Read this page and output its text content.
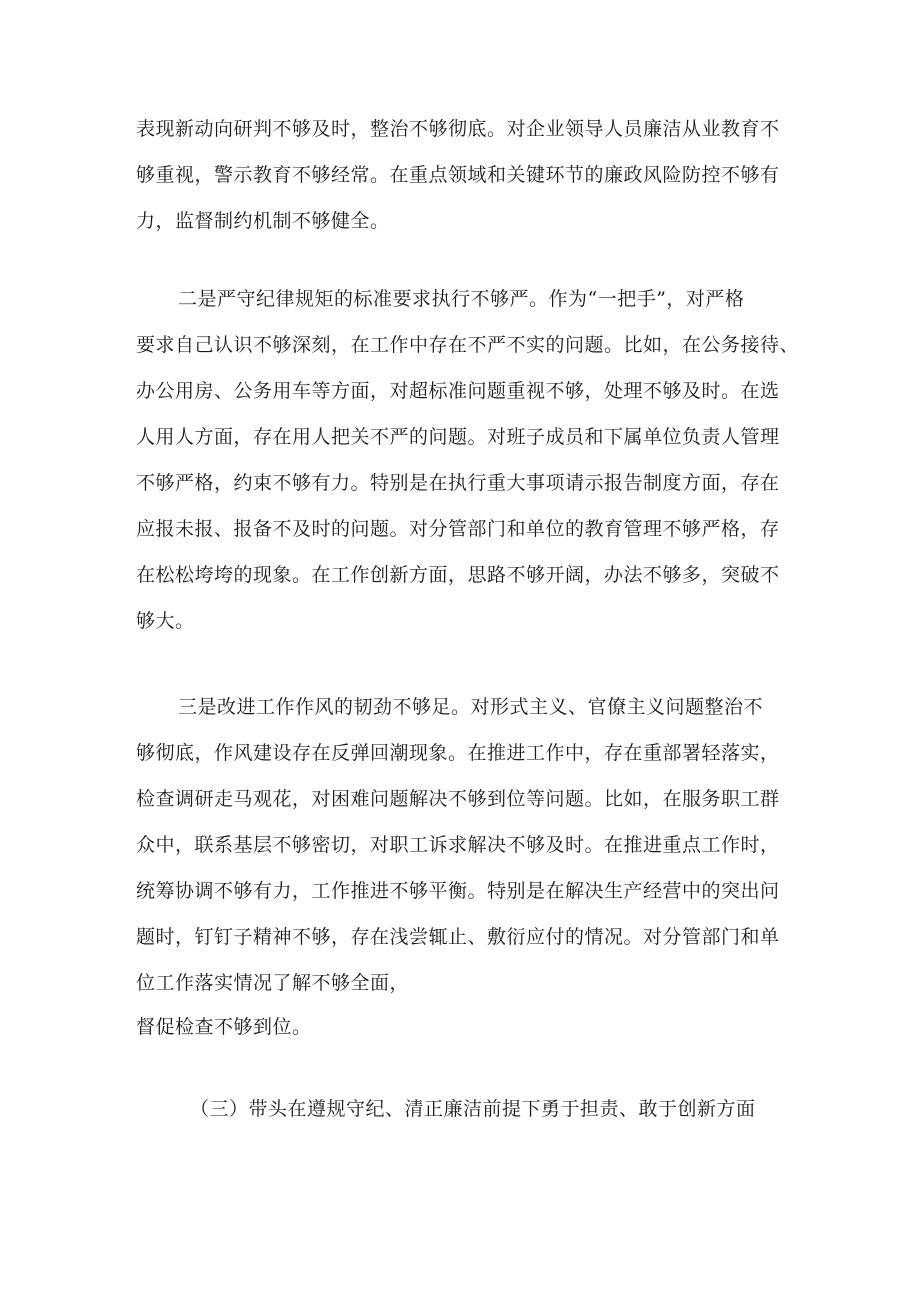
表现新动向研判不够及时，整治不够彻底。对企业领导人员廉洁从业教育不
够重视，警示教育不够经常。在重点领域和关键环节的廉政风险防控不够有
力，监督制约机制不够健全。
二是严守纪律规矩的标准要求执行不够严。作为“一把手”，对严格
要求自己认识不够深刻，在工作中存在不严不实的问题。比如，在公务接待、
办公用房、公务用车等方面，对超标准问题重视不够，处理不够及时。在选
人用人方面，存在用人把关不严的问题。对班子成员和下属单位负责人管理
不够严格，约束不够有力。特别是在执行重大事项请示报告制度方面，存在
应报未报、报备不及时的问题。对分管部门和单位的教育管理不够严格，存
在松松垮垮的现象。在工作创新方面，思路不够开阔，办法不够多，突破不
够大。
三是改进工作作风的韧劲不够足。对形式主义、官僚主义问题整治不
够彻底，作风建设存在反弹回潮现象。在推进工作中，存在重部署轻落实，
检查调研走马观花，对困难问题解决不够到位等问题。比如，在服务职工群
众中，联系基层不够密切，对职工诉求解决不够及时。在推进重点工作时，
统筹协调不够有力，工作推进不够平衡。特别是在解决生产经营中的突出问
题时，钉钉子精神不够，存在浅尝辄止、敷衍应付的情况。对分管部门和单
位工作落实情况了解不够全面，
督促检查不够到位。
（三）带头在遵规守纪、清正廉洁前提下勇于担责、敢于创新方面
